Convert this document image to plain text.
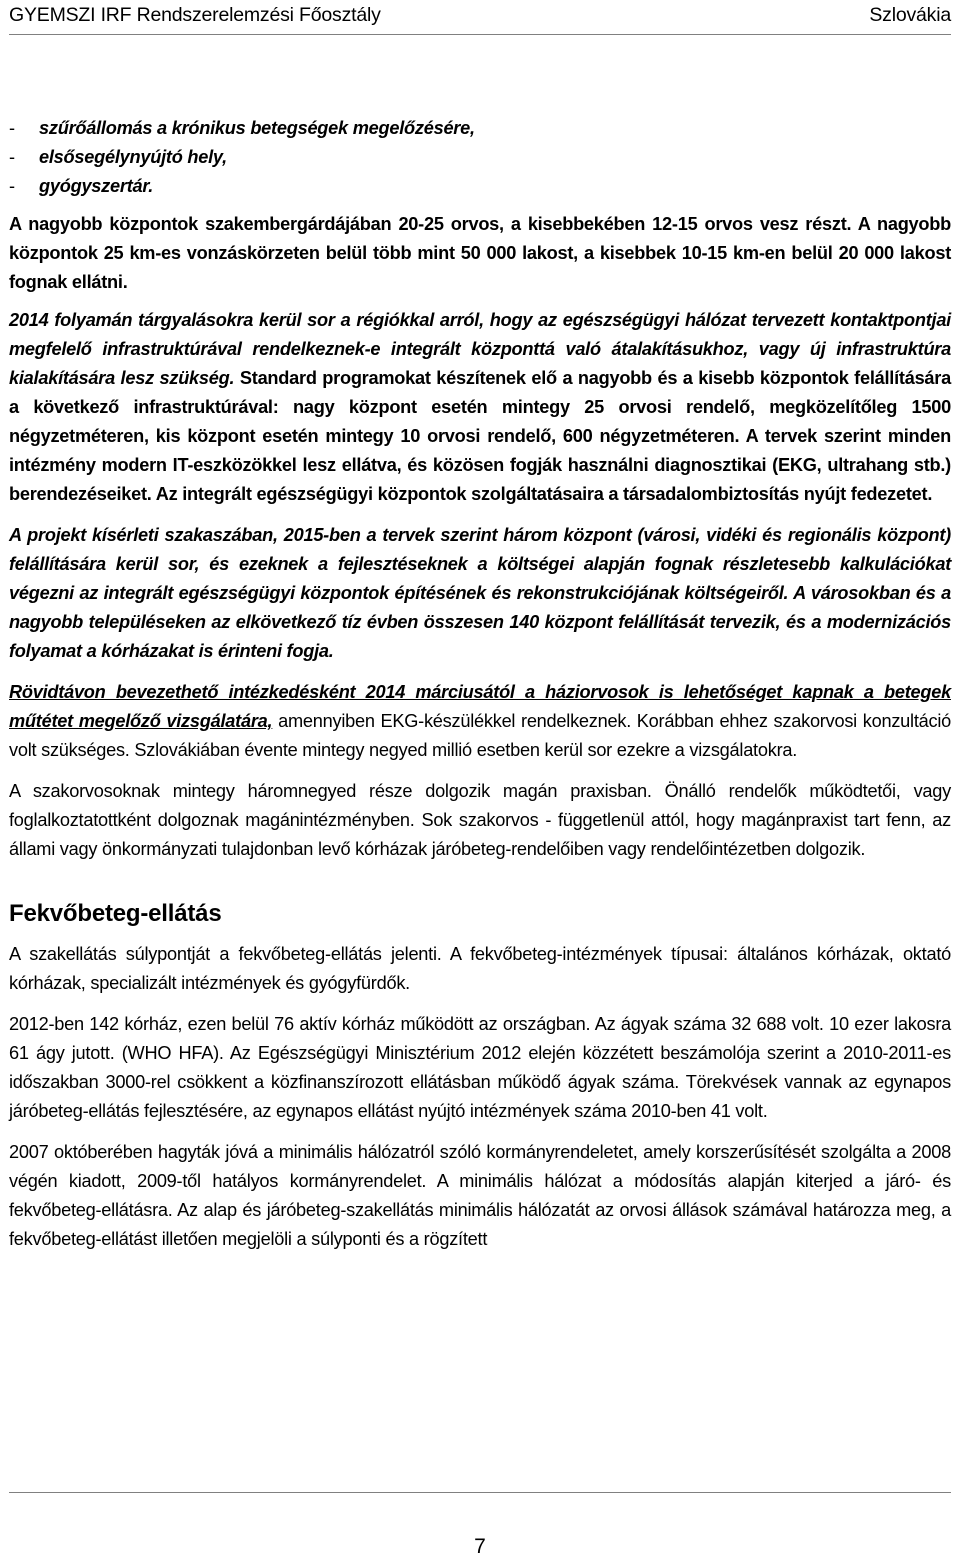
GYEMSZI IRF Rendszerelemzési Főosztály	Szlovákia
- szűrőállomás a krónikus betegségek megelőzésére,
- elsősegélynyújtó hely,
- gyógyszertár.

A nagyobb központok szakembergárdájában 20-25 orvos, a kisebbekében 12-15 orvos vesz részt. A nagyobb központok 25 km-es vonzáskörzeten belül több mint 50 000 lakost, a kisebbek 10-15 km-en belül 20 000 lakost fognak ellátni.

2014 folyamán tárgyalásokra kerül sor a régiókkal arról, hogy az egészségügyi hálózat tervezett kontaktpontjai megfelelő infrastruktúrával rendelkeznek-e integrált központtá való átalakításukhoz, vagy új infrastruktúra kialakítására lesz szükség. Standard programokat készítenek elő a nagyobb és a kisebb központok felállítására a következő infrastruktúrával: nagy központ esetén mintegy 25 orvosi rendelő, megközelítőleg 1500 négyzetméteren, kis központ esetén mintegy 10 orvosi rendelő, 600 négyzetméteren. A tervek szerint minden intézmény modern IT-eszközökkel lesz ellátva, és közösen fogják használni diagnosztikai (EKG, ultrahang stb.) berendezéseiket. Az integrált egészségügyi központok szolgáltatásaira a társadalombiztosítás nyújt fedezetet.

A projekt kísérleti szakaszában, 2015-ben a tervek szerint három központ (városi, vidéki és regionális központ) felállítására kerül sor, és ezeknek a fejlesztéseknek a költségei alapján fognak részletesebb kalkulációkat végezni az integrált egészségügyi központok építésének és rekonstrukciójának költségeiről. A városokban és a nagyobb településeken az elkövetkező tíz évben összesen 140 központ felállítását tervezik, és a modernizációs folyamat a kórházakat is érinteni fogja.

Rövidtávon bevezethető intézkedésként 2014 márciusától a háziorvosok is lehetőséget kapnak a betegek műtétet megelőző vizsgálatára, amennyiben EKG-készülékkel rendelkeznek. Korábban ehhez szakorvosi konzultáció volt szükséges. Szlovákiában évente mintegy negyed millió esetben kerül sor ezekre a vizsgálatokra.

A szakorvosoknak mintegy háromnegyed része dolgozik magán praxisban. Önálló rendelők működtetői, vagy foglalkoztatottként dolgoznak magánintézményben. Sok szakorvos - függetlenül attól, hogy magánpraxist tart fenn, az állami vagy önkormányzati tulajdonban levő kórházak járóbeteg-rendelőiben vagy rendelőintézetben dolgozik.

Fekvőbeteg-ellátás

A szakellátás súlypontját a fekvőbeteg-ellátás jelenti. A fekvőbeteg-intézmények típusai: általános kórházak, oktató kórházak, specializált intézmények és gyógyfürdők.

2012-ben 142 kórház, ezen belül 76 aktív kórház működött az országban. Az ágyak száma 32 688 volt. 10 ezer lakosra 61 ágy jutott. (WHO HFA). Az Egészségügyi Minisztérium 2012 elején közzétett beszámolója szerint a 2010-2011-es időszakban 3000-rel csökkent a közfinanszírozott ellátásban működő ágyak száma. Törekvések vannak az egynapos járóbeteg-ellátás fejlesztésére, az egynapos ellátást nyújtó intézmények száma 2010-ben 41 volt.

2007 októberében hagyták jóvá a minimális hálózatról szóló kormányrendeletet, amely korszerűsítését szolgálta a 2008 végén kiadott, 2009-től hatályos kormányrendelet. A minimális hálózat a módosítás alapján kiterjed a járó- és fekvőbeteg-ellátásra. Az alap és járóbeteg-szakellátás minimális hálózatát az orvosi állások számával határozza meg, a fekvőbeteg-ellátást illetően megjelöli a súlyponti és a rögzített

7
